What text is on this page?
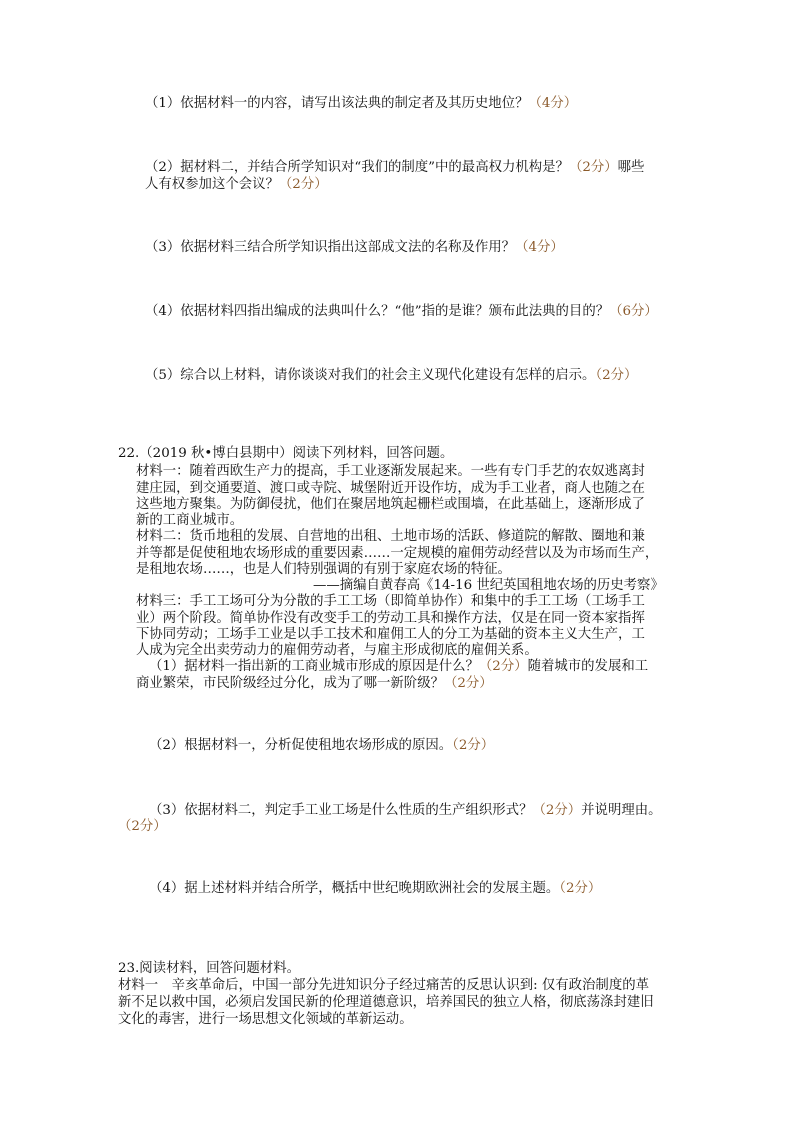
（1）依据材料一的内容，请写出该法典的制定者及其历史地位？（4分）
（2）据材料二，并结合所学知识对“我们的制度”中的最高权力机构是？（2分）哪些
人有权参加这个会议？（2分）
（3）依据材料三结合所学知识指出这部成文法的名称及作用？（4分）
（4）依据材料四指出编成的法典叫什么？“他”指的是谁？颁布此法典的目的？（6分）
（5）综合以上材料，请你谈谈对我们的社会主义现代化建设有怎样的启示。（2分）
22.（2019 秋•博白县期中）阅读下列材料，回答问题。
材料一：随着西欧生产力的提高，手工业逐渐发展起来。一些有专门手艺的农奴逃离封
建庄园，到交通要道、渡口或寺院、城堡附近开设作坊，成为手工业者，商人也随之在
这些地方聚集。为防御侵扰，他们在聚居地筑起栅栏或围墙，在此基础上，逐渐形成了
新的工商业城市。
材料二：货币地租的发展、自营地的出租、土地市场的活跃、修道院的解散、圈地和兼
并等都是促使租地农场形成的重要因素……一定规模的雇佣劳动经营以及为市场而生产，
是租地农场……，也是人们特别强调的有别于家庭农场的特征。
——摘编自黄春高《14-16 世纪英国租地农场的历史考察》
材料三：手工工场可分为分散的手工工场（即简单协作）和集中的手工工场（工场手工
业）两个阶段。简单协作没有改变手工的劳动工具和操作方法，仅是在同一资本家指挥
下协同劳动；工场手工业是以手工技术和雇佣工人的分工为基础的资本主义大生产，工
人成为完全出卖劳动力的雇佣劳动者，与雇主形成彻底的雇佣关系。
（1）据材料一指出新的工商业城市形成的原因是什么？（2分）随着城市的发展和工
商业繁荣，市民阶级经过分化，成为了哪一新阶级？（2分）
（2）根据材料一，分析促使租地农场形成的原因。（2分）
（3）依据材料二，判定手工业工场是什么性质的生产组织形式？（2分）并说明理由。
（2分）
（4）据上述材料并结合所学，概括中世纪晚期欧洲社会的发展主题。（2分）
23.阅读材料，回答问题材料。
材料一　辛亥革命后，中国一部分先进知识分子经过痛苦的反思认识到: 仅有政治制度的革
新不足以救中国，必须启发国民新的伦理道德意识，培养国民的独立人格，彻底荡涤封建旧
文化的毒害，进行一场思想文化领域的革新运动。
